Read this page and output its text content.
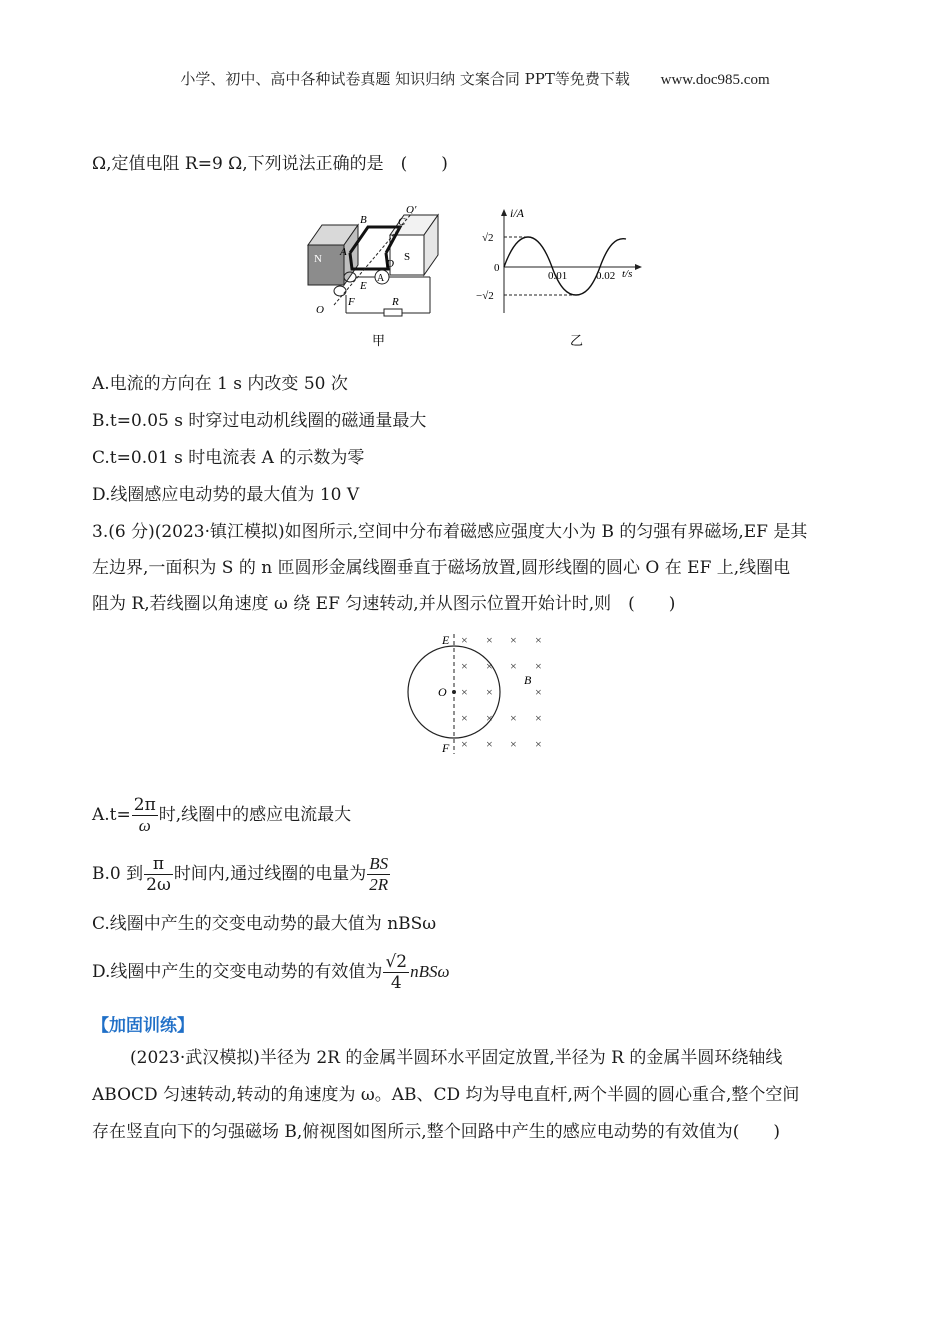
小学、初中、高中各种试卷真题 知识归纳 文案合同 PPT等免费下载 www.doc985.com
Ω,定值电阻 R=9 Ω,下列说法正确的是　(　　)
N	S
B	C
O′
A
D
A
R
E
F
O
甲
i/A
t/s
√2
−√2
0
0.01	0.02
乙
A.电流的方向在 1 s 内改变 50 次
B.t=0.05 s 时穿过电动机线圈的磁通量最大
C.t=0.01 s 时电流表 A 的示数为零
D.线圈感应电动势的最大值为 10 V
3.(6 分)(2023·镇江模拟)如图所示,空间中分布着磁感应强度大小为 B 的匀强有界磁场,EF 是其
左边界,一面积为 S 的 n 匝圆形金属线圈垂直于磁场放置,圆形线圈的圆心 O 在 EF 上,线圈电
阻为 R,若线圈以角速度 ω 绕 EF 匀速转动,并从图示位置开始计时,则　(　　)
O
E
F
B
× × × ×
× × × ×
× ×	×
× × × ×
× × × ×
$A.t= \frac{2\pi}{\omega}$ 时,线圈中的感应电流最大
B.0 到 $\frac{\pi}{2\omega}$ 时间内,通过线圈的电量为 $\frac{BS}{2R}$
C.线圈中产生的交变电动势的最大值为 nBSω
D.线圈中产生的交变电动势的有效值为 $\frac{√2}{4}$ nBSω
【加固训练】
(2023·武汉模拟)半径为 2R 的金属半圆环水平固定放置,半径为 R 的金属半圆环绕轴线
ABOCD 匀速转动,转动的角速度为 ω。AB、CD 均为导电直杆,两个半圆的圆心重合,整个空间
存在竖直向下的匀强磁场 B,俯视图如图所示,整个回路中产生的感应电动势的有效值为(　　)
